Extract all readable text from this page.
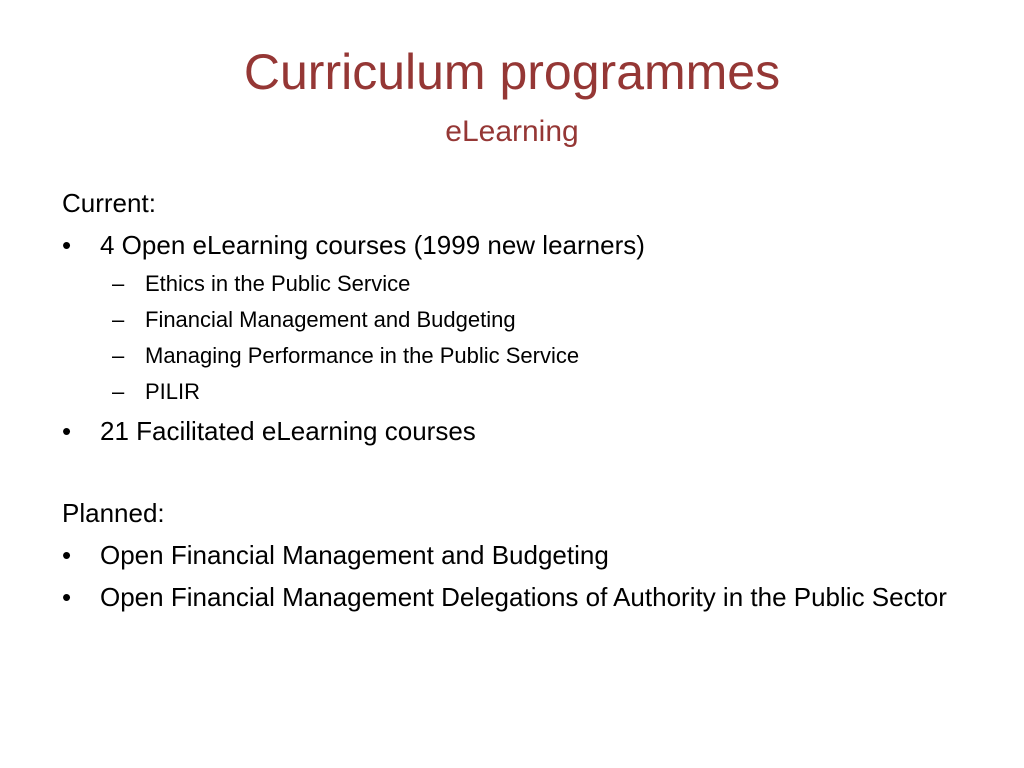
Curriculum programmes
eLearning

Current:

•	4 Open eLearning courses (1999 new learners)
– Ethics in the Public Service
– Financial Management and Budgeting
– Managing Performance in the Public Service
– PILIR
•	21 Facilitated eLearning courses

Planned:

•	Open Financial Management and Budgeting
•	Open Financial Management Delegations of Authority in the Public Sector
